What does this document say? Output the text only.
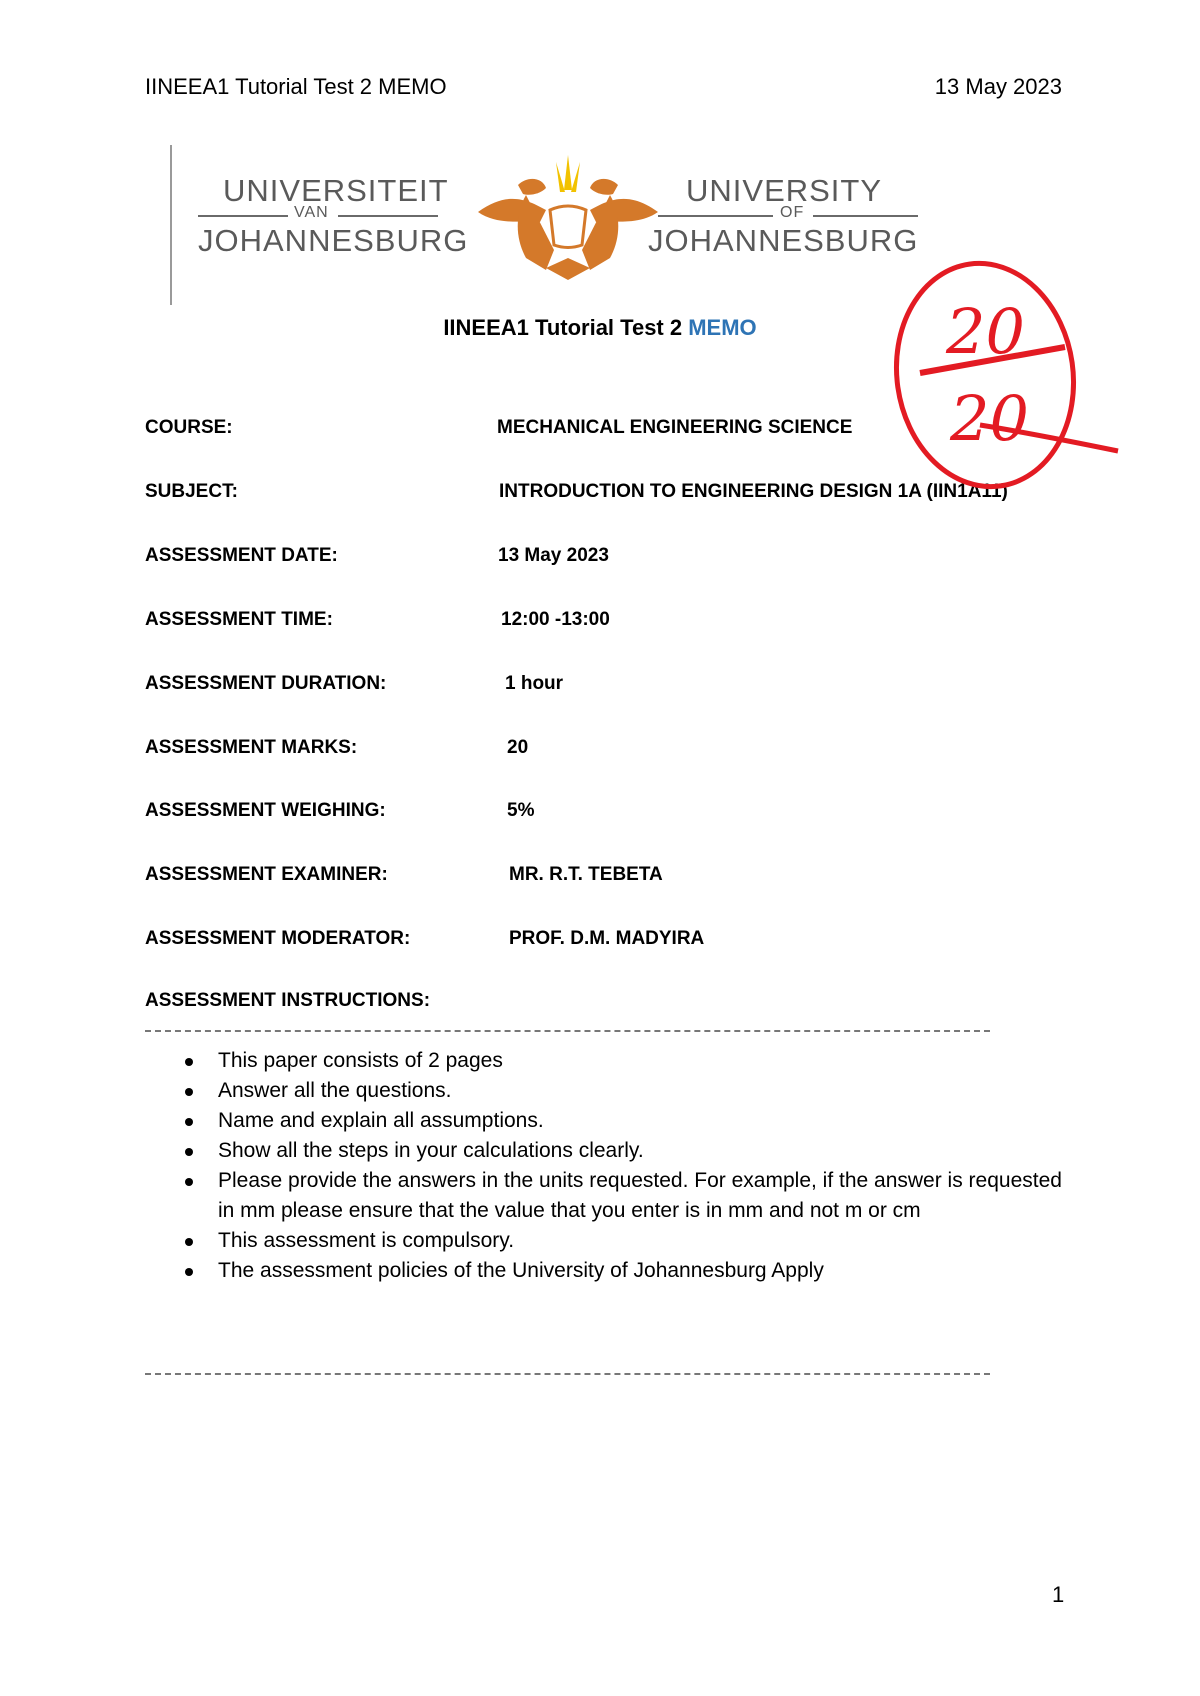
IINEEA1 Tutorial Test 2 MEMO	13 May 2023
UNIVERSITEIT
VAN
JOHANNESBURG
UNIVERSITY
OF
JOHANNESBURG
IINEEA1 Tutorial Test 2 MEMO
COURSE:	MECHANICAL ENGINEERING SCIENCE
SUBJECT:	INTRODUCTION TO ENGINEERING DESIGN 1A (IIN1A11)
ASSESSMENT DATE:	13 May 2023
ASSESSMENT TIME:	12:00 -13:00
ASSESSMENT DURATION:	1 hour
ASSESSMENT MARKS:	20
ASSESSMENT WEIGHING:	5%
ASSESSMENT EXAMINER:	MR. R.T. TEBETA
ASSESSMENT MODERATOR:	PROF. D.M. MADYIRA
ASSESSMENT INSTRUCTIONS:
This paper consists of 2 pages
Answer all the questions.
Name and explain all assumptions.
Show all the steps in your calculations clearly.
Please provide the answers in the units requested. For example, if the answer is requested in mm please ensure that the value that you enter is in mm and not m or cm
This assessment is compulsory.
The assessment policies of the University of Johannesburg Apply
1
20
20
